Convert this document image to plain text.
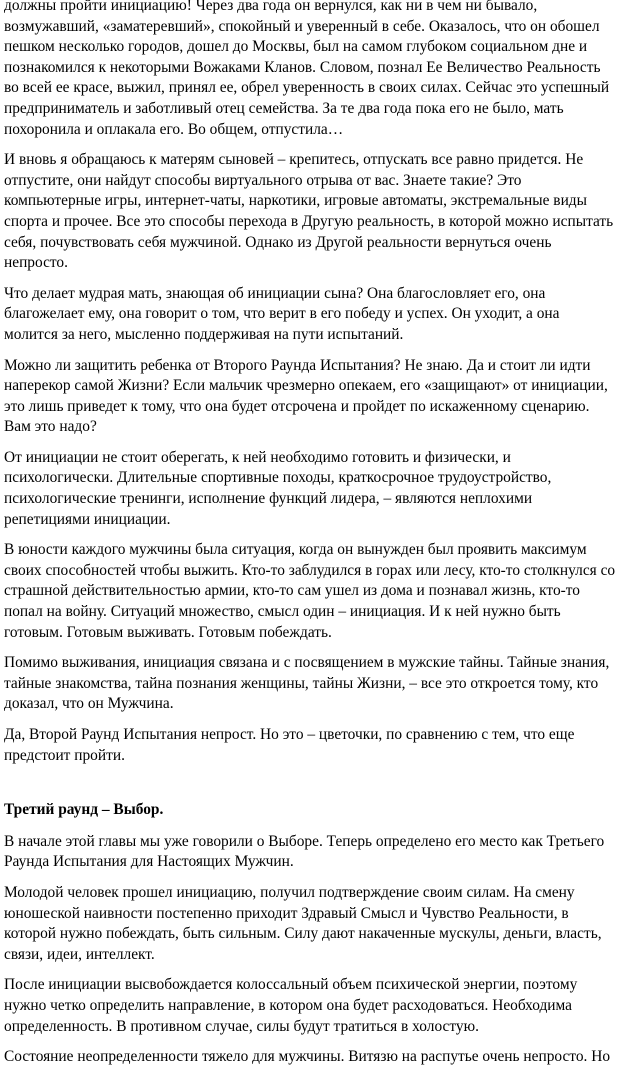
должны пройти инициацию! Через два года он вернулся, как ни в чем ни бывало, возмужавший, «заматеревший», спокойный и уверенный в себе. Оказалось, что он обошел пешком несколько городов, дошел до Москвы, был на самом глубоком социальном дне и познакомился к некоторыми Вожаками Кланов. Словом, познал Ее Величество Реальность во всей ее красе, выжил, принял ее, обрел уверенность в своих силах. Сейчас это успешный предприниматель и заботливый отец семейства. За те два года пока его не было, мать похоронила и оплакала его. Во общем, отпустила…

И вновь я обращаюсь к матерям сыновей – крепитесь, отпускать все равно придется. Не отпустите, они найдут способы виртуального отрыва от вас. Знаете такие? Это компьютерные игры, интернет-чаты, наркотики, игровые автоматы, экстремальные виды спорта и прочее. Все это способы перехода в Другую реальность, в которой можно испытать себя, почувствовать себя мужчиной. Однако из Другой реальности вернуться очень непросто.

Что делает мудрая мать, знающая об инициации сына? Она благословляет его, она благожелает ему, она говорит о том, что верит в его победу и успех. Он уходит, а она молится за него, мысленно поддерживая на пути испытаний.

Можно ли защитить ребенка от Второго Раунда Испытания? Не знаю. Да и стоит ли идти наперекор самой Жизни? Если мальчик чрезмерно опекаем, его «защищают» от инициации, это лишь приведет к тому, что она будет отсрочена и пройдет по искаженному сценарию. Вам это надо?

От инициации не стоит оберегать, к ней необходимо готовить и физически, и психологически. Длительные спортивные походы, краткосрочное трудоустройство, психологические тренинги, исполнение функций лидера, – являются неплохими репетициями инициации.

В юности каждого мужчины была ситуация, когда он вынужден был проявить максимум своих способностей чтобы выжить. Кто-то заблудился в горах или лесу, кто-то столкнулся со страшной действительностью армии, кто-то сам ушел из дома и познавал жизнь, кто-то попал на войну. Ситуаций множество, смысл один – инициация. И к ней нужно быть готовым. Готовым выживать. Готовым побеждать.

Помимо выживания, инициация связана и с посвящением в мужские тайны. Тайные знания, тайные знакомства, тайна познания женщины, тайны Жизни, – все это откроется тому, кто доказал, что он Мужчина.

Да, Второй Раунд Испытания непрост. Но это – цветочки, по сравнению с тем, что еще предстоит пройти.

Третий раунд – Выбор.

В начале этой главы мы уже говорили о Выборе. Теперь определено его место как Третьего Раунда Испытания для Настоящих Мужчин.

Молодой человек прошел инициацию, получил подтверждение своим силам. На смену юношеской наивности постепенно приходит Здравый Смысл и Чувство Реальности, в которой нужно побеждать, быть сильным. Силу дают накаченные мускулы, деньги, власть, связи, идеи, интеллект.

После инициации высвобождается колоссальный объем психической энергии, поэтому нужно четко определить направление, в котором она будет расходоваться. Необходима определенность. В противном случае, силы будут тратиться в холостую.

Состояние неопределенности тяжело для мужчины. Витязю на распутье очень непросто. Но
